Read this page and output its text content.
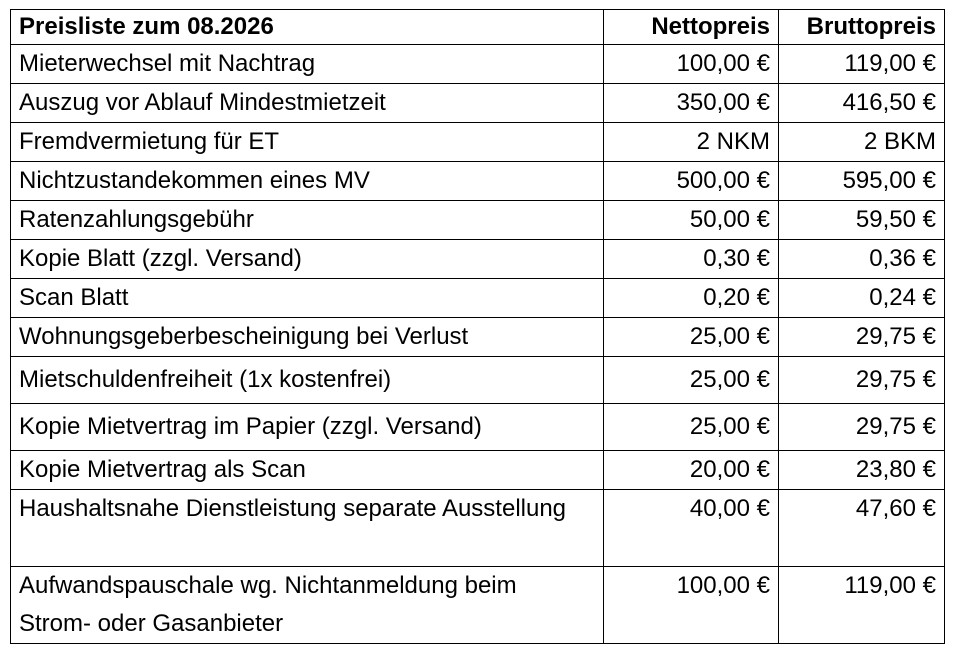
Preisliste zum 08.2026	Nettopreis	Bruttopreis
Mieterwechsel mit Nachtrag	100,00 €	119,00 €
Auszug vor Ablauf Mindestmietzeit	350,00 €	416,50 €
Fremdvermietung für ET	2 NKM	2 BKM
Nichtzustandekommen eines MV	500,00 €	595,00 €
Ratenzahlungsgebühr	50,00 €	59,50 €
Kopie Blatt (zzgl. Versand)	0,30 €	0,36 €
Scan Blatt	0,20 €	0,24 €
Wohnungsgeberbescheinigung bei Verlust	25,00 €	29,75 €
Mietschuldenfreiheit (1x kostenfrei)	25,00 €	29,75 €
Kopie Mietvertrag im Papier (zzgl. Versand)	25,00 €	29,75 €
Kopie Mietvertrag als Scan	20,00 €	23,80 €
Haushaltsnahe Dienstleistung separate Ausstellung	40,00 €	47,60 €
Aufwandspauschale wg. Nichtanmeldung beim Strom- oder Gasanbieter	100,00 €	119,00 €
